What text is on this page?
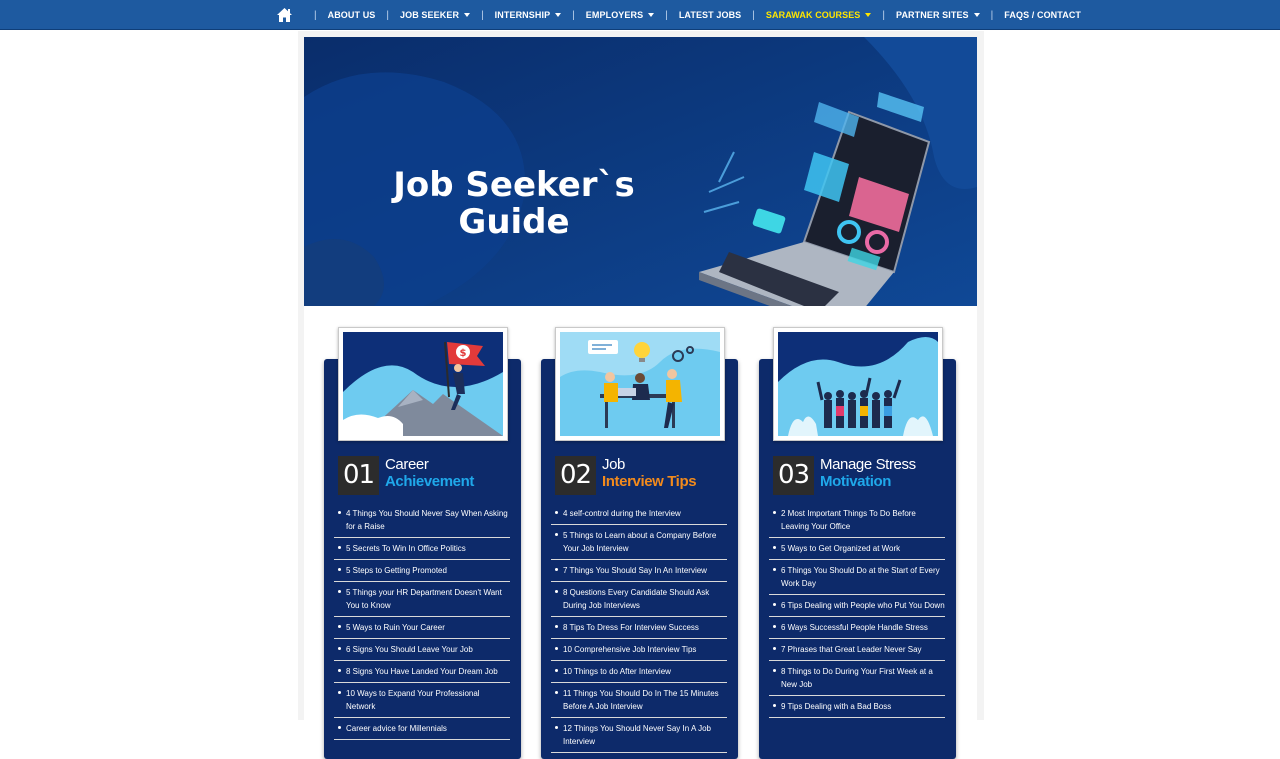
| ABOUT US | JOB SEEKER | INTERNSHIP | EMPLOYERS | LATEST JOBS | SARAWAK COURSES | PARTNER SITES | FAQS / CONTACT
Job Seeker`s
Guide
$
01 Career
Achievement
4 Things You Should Never Say When Asking for a Raise
5 Secrets To Win In Office Politics
5 Steps to Getting Promoted
5 Things your HR Department Doesn't Want You to Know
5 Ways to Ruin Your Career
6 Signs You Should Leave Your Job
8 Signs You Have Landed Your Dream Job
10 Ways to Expand Your Professional Network
Career advice for Millennials
02 Job
Interview Tips
4 self-control during the Interview
5 Things to Learn about a Company Before Your Job Interview
7 Things You Should Say In An Interview
8 Questions Every Candidate Should Ask During Job Interviews
8 Tips To Dress For Interview Success
10 Comprehensive Job Interview Tips
10 Things to do After Interview
11 Things You Should Do In The 15 Minutes Before A Job Interview
12 Things You Should Never Say In A Job Interview
03 Manage Stress
Motivation
2 Most Important Things To Do Before Leaving Your Office
5 Ways to Get Organized at Work
6 Things You Should Do at the Start of Every Work Day
6 Tips Dealing with People who Put You Down
6 Ways Successful People Handle Stress
7 Phrases that Great Leader Never Say
8 Things to Do During Your First Week at a New Job
9 Tips Dealing with a Bad Boss
